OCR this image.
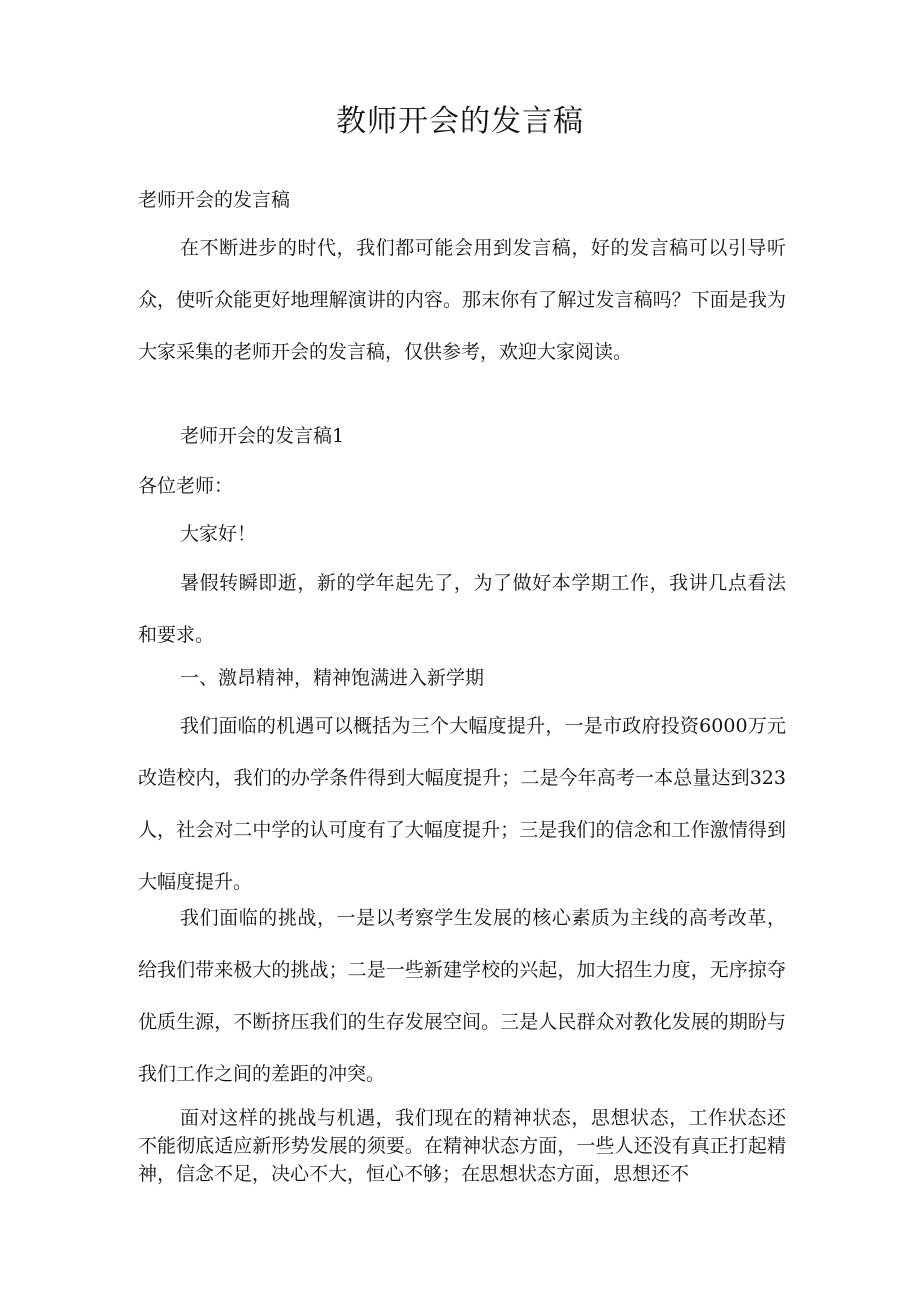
教师开会的发言稿

老师开会的发言稿

在不断进步的时代，我们都可能会用到发言稿，好的发言稿可以引导听众，使听众能更好地理解演讲的内容。那末你有了解过发言稿吗？下面是我为大家采集的老师开会的发言稿，仅供参考，欢迎大家阅读。

老师开会的发言稿1

各位老师：

大家好！

暑假转瞬即逝，新的学年起先了，为了做好本学期工作，我讲几点看法和要求。

一、激昂精神，精神饱满进入新学期

我们面临的机遇可以概括为三个大幅度提升，一是市政府投资6000万元改造校内，我们的办学条件得到大幅度提升；二是今年高考一本总量达到323人，社会对二中学的认可度有了大幅度提升；三是我们的信念和工作激情得到大幅度提升。

我们面临的挑战，一是以考察学生发展的核心素质为主线的高考改革，给我们带来极大的挑战；二是一些新建学校的兴起，加大招生力度，无序掠夺优质生源，不断挤压我们的生存发展空间。三是人民群众对教化发展的期盼与我们工作之间的差距的冲突。

面对这样的挑战与机遇，我们现在的精神状态，思想状态，工作状态还不能彻底适应新形势发展的须要。在精神状态方面，一些人还没有真正打起精神，信念不足，决心不大，恒心不够；在思想状态方面，思想还不
